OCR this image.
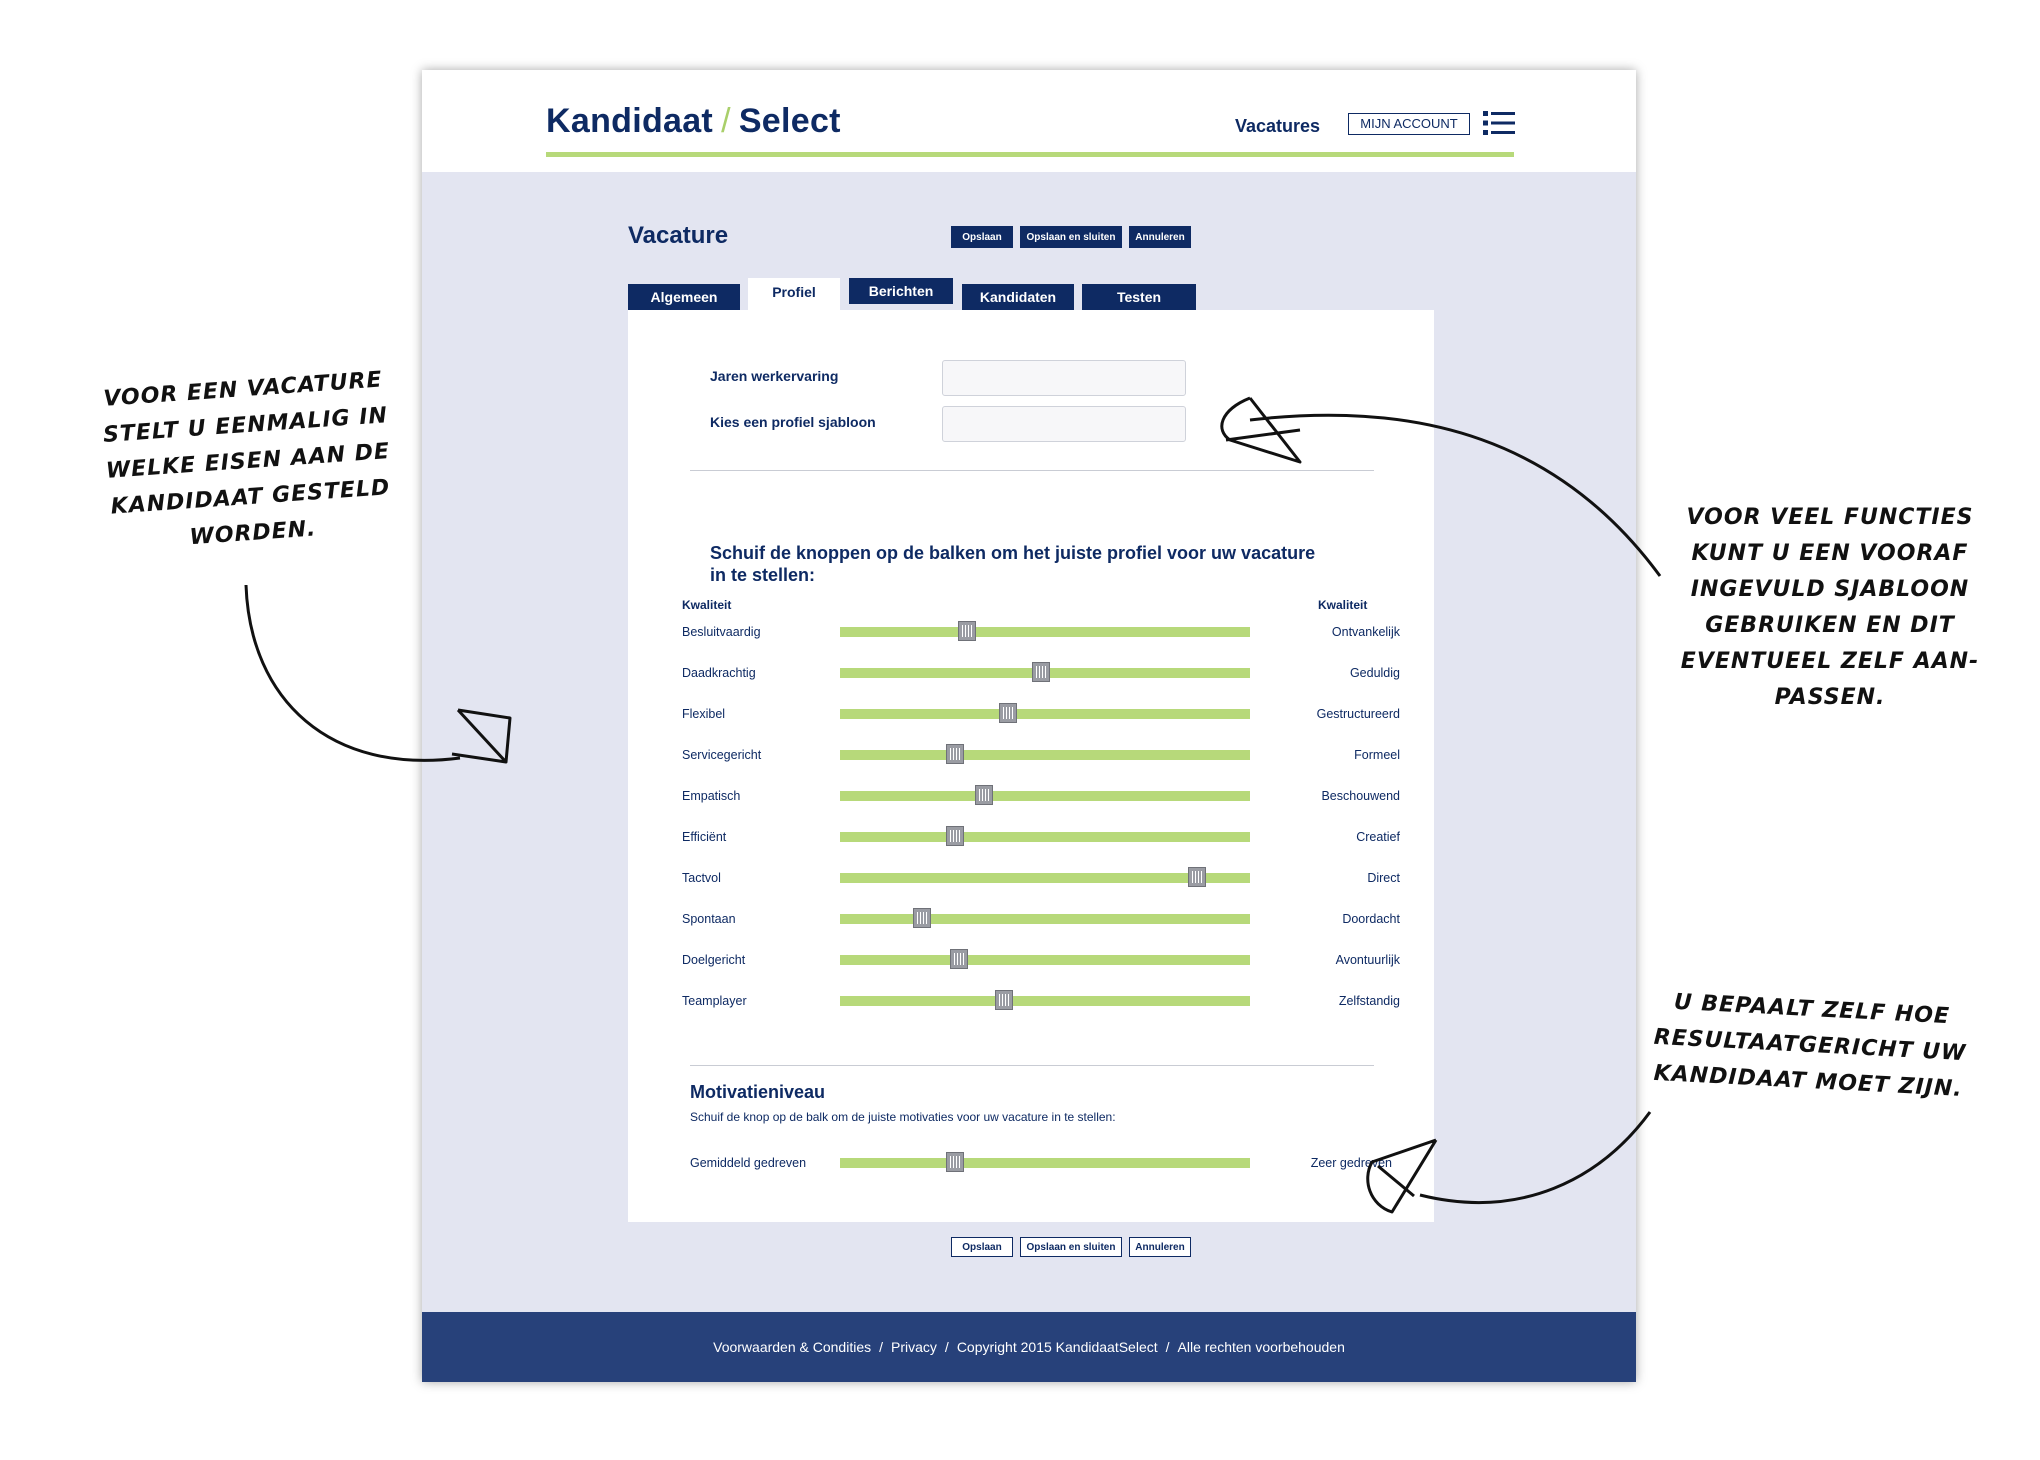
Kandidaat / Select	Vacatures	MIJN ACCOUNT
Vacature	Opslaan	Opslaan en sluiten	Annuleren
Algemeen	Profiel	Berichten	Kandidaten	Testen
Jaren werkervaring
Kies een profiel sjabloon
Schuif de knoppen op de balken om het juiste profiel voor uw vacature in te stellen:
Kwaliteit	Kwaliteit
Besluitvaardig	Ontvankelijk
Daadkrachtig	Geduldig
Flexibel	Gestructureerd
Servicegericht	Formeel
Empatisch	Beschouwend
Efficiënt	Creatief
Tactvol	Direct
Spontaan	Doordacht
Doelgericht	Avontuurlijk
Teamplayer	Zelfstandig
Motivatieniveau
Schuif de knop op de balk om de juiste motivaties voor uw vacature in te stellen:
Gemiddeld gedreven	Zeer gedreven
Opslaan	Opslaan en sluiten	Annuleren
Voorwaarden & Condities / Privacy / Copyright 2015 KandidaatSelect / Alle rechten voorbehouden
VOOR EEN VACATURE
STELT U EENMALIG IN
WELKE EISEN AAN DE
KANDIDAAT GESTELD
WORDEN.	VOOR VEEL FUNCTIES
KUNT U EEN VOORAF
INGEVULD SJABLOON
GEBRUIKEN EN DIT
EVENTUEEL ZELF AAN-
PASSEN.
U BEPAALT ZELF HOE
RESULTAATGERICHT UW
KANDIDAAT MOET ZIJN.
